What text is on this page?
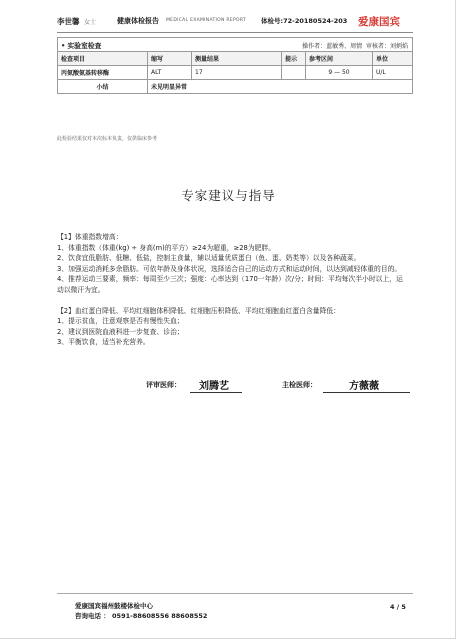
李世馨 女士	健康体检报告 MEDICAL EXAMINATION REPORT 体检号:72-20180524-203 爱康国宾
• 实验室检查 操作者：蓝敏秀、周情 审核者：刘炳焰					

检查项目	缩写	测量结果	提示	参考区间	单位
丙氨酸氨基转移酶	ALT	17		9 — 50	U/L
小结	未见明显异常				
此检验结果仅对本次标本负责，仅供临床参考
专家建议与指导

【1】体重指数增高：

1、体重指数（体重(kg) ÷ 身高(m)的平方）≥24为超重，≥28为肥胖。

2、饮食宜低脂肪、低糖、低盐，控制主食量，辅以适量优质蛋白（鱼、蛋、奶类等）以及各种蔬菜。

3、加强运动消耗多余脂肪。可依年龄及身体状况，选择适合自己的运动方式和运动时间，以达到减轻体重的目的。

4、推荐运动三要素，频率：每周至少三次；强度：心率达到（170一年龄）次/分；时间：平均每次半小时以上，运动以微汗为宜。

【2】血红蛋白降低、平均红细胞体积降低、红细胞压积降低、平均红细胞血红蛋白含量降低：

1、提示贫血，注意观察是否有慢性失血；

2、建议到医院血液科进一步复查、诊治；

3、平衡饮食，适当补充营养。

评审医师： 刘腾艺	主检医师：	方薇薇
爱康国宾福州鼓楼体检中心
咨询电话 ： 0591-88608556 88608552
4 / 5
